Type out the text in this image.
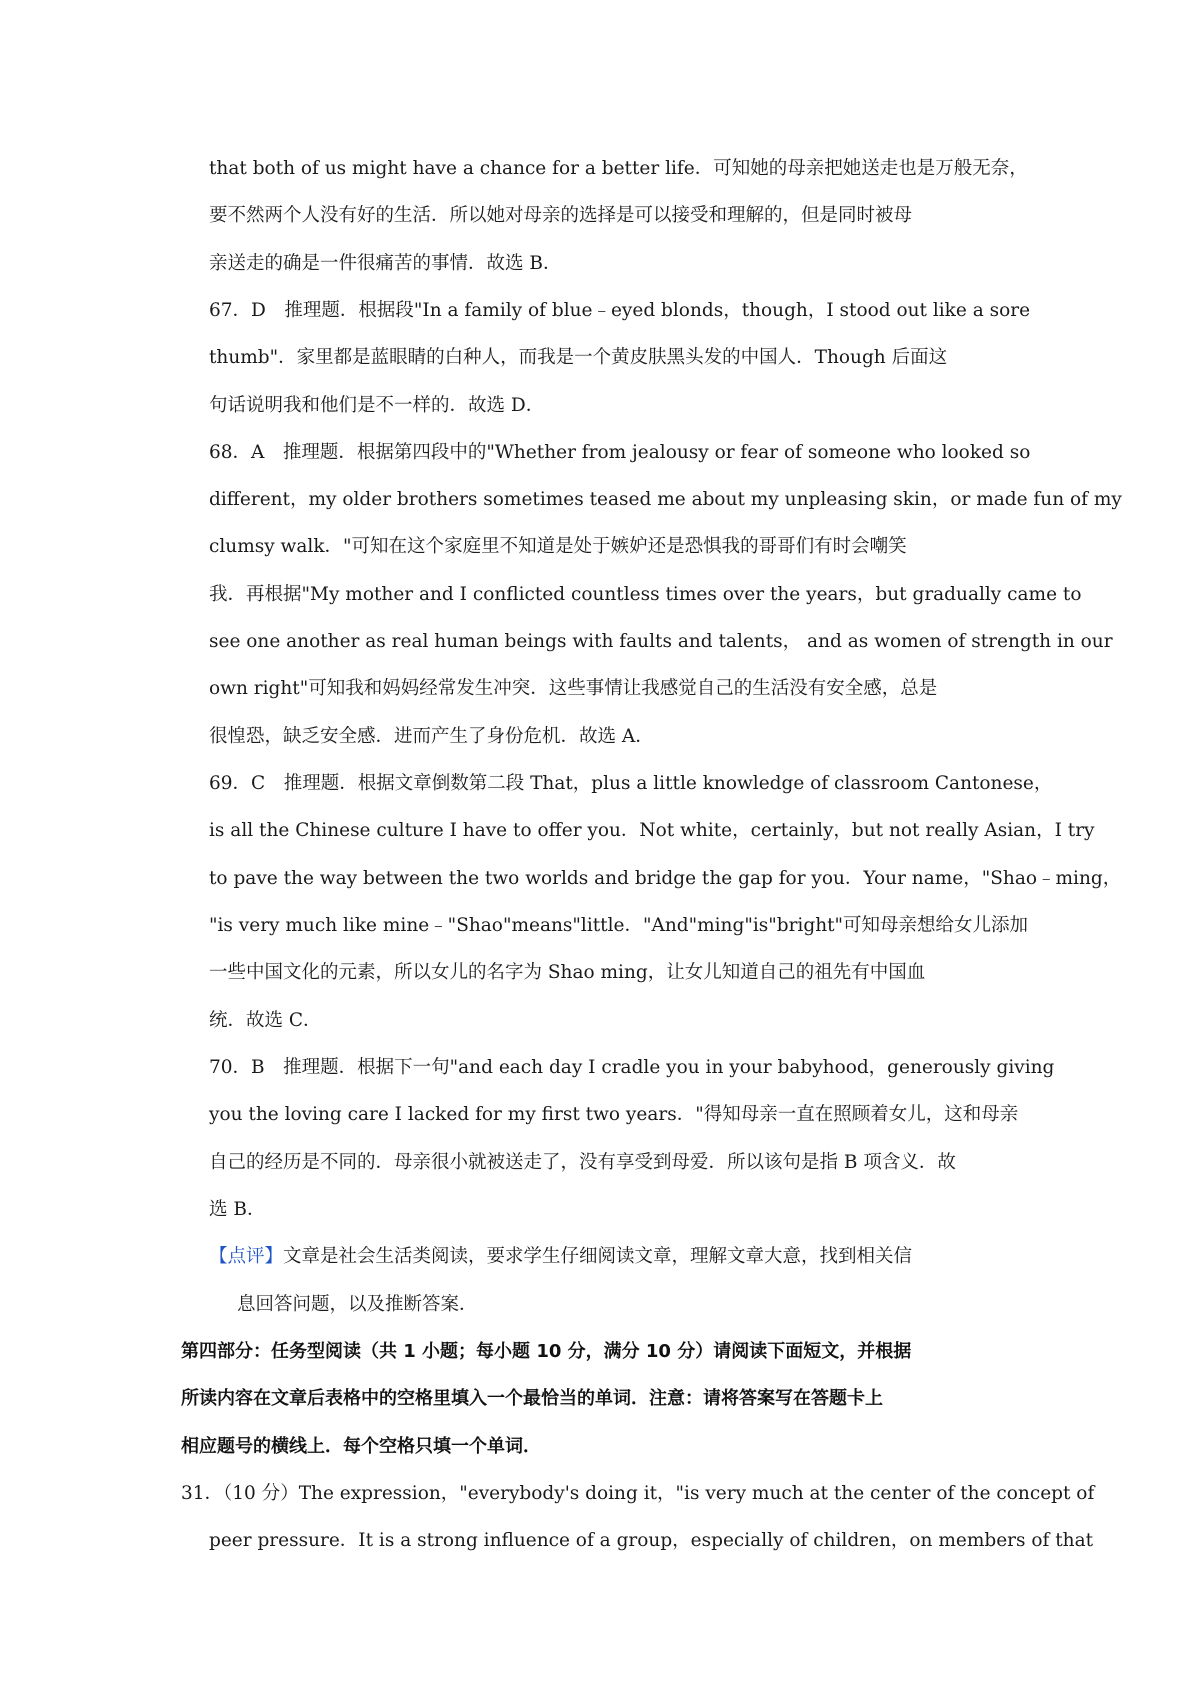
that both of us might have a chance for a better life．可知她的母亲把她送走也是万般无奈，
要不然两个人没有好的生活．所以她对母亲的选择是可以接受和理解的，但是同时被母
亲送走的确是一件很痛苦的事情．故选 B．
67．D　推理题．根据段"In a family of blue﹣eyed blonds，though，I stood out like a sore
thumb"．家里都是蓝眼睛的白种人，而我是一个黄皮肤黑头发的中国人．Though 后面这
句话说明我和他们是不一样的．故选 D．
68．A　推理题．根据第四段中的"Whether from jealousy or fear of someone who looked so
different，my older brothers sometimes teased me about my unpleasing skin，or made fun of my
clumsy walk．"可知在这个家庭里不知道是处于嫉妒还是恐惧我的哥哥们有时会嘲笑
我．再根据"My mother and I conflicted countless times over the years，but gradually came to
see one another as real human beings with faults and talents， and as women of strength in our
own right"可知我和妈妈经常发生冲突．这些事情让我感觉自己的生活没有安全感，总是
很惶恐，缺乏安全感．进而产生了身份危机．故选 A．
69．C　推理题．根据文章倒数第二段 That，plus a little knowledge of classroom Cantonese，
is all the Chinese culture I have to offer you．Not white，certainly，but not really Asian，I try
to pave the way between the two worlds and bridge the gap for you．Your name，"Shao﹣ming，
"is very much like mine﹣"Shao"means"little．"And"ming"is"bright"可知母亲想给女儿添加
一些中国文化的元素，所以女儿的名字为 Shao ming，让女儿知道自己的祖先有中国血
统．故选 C．
70．B　推理题．根据下一句"and each day I cradle you in your babyhood，generously giving
you the loving care I lacked for my first two years．"得知母亲一直在照顾着女儿，这和母亲
自己的经历是不同的．母亲很小就被送走了，没有享受到母爱．所以该句是指 B 项含义．故
选 B．
【点评】文章是社会生活类阅读，要求学生仔细阅读文章，理解文章大意，找到相关信
息回答问题，以及推断答案．
第四部分：任务型阅读（共 1 小题；每小题 10 分，满分 10 分）请阅读下面短文，并根据
所读内容在文章后表格中的空格里填入一个最恰当的单词．注意：请将答案写在答题卡上
相应题号的横线上．每个空格只填一个单词．
31．（10 分）The expression，"everybody's doing it，"is very much at the center of the concept of
peer pressure．It is a strong influence of a group，especially of children，on members of that
